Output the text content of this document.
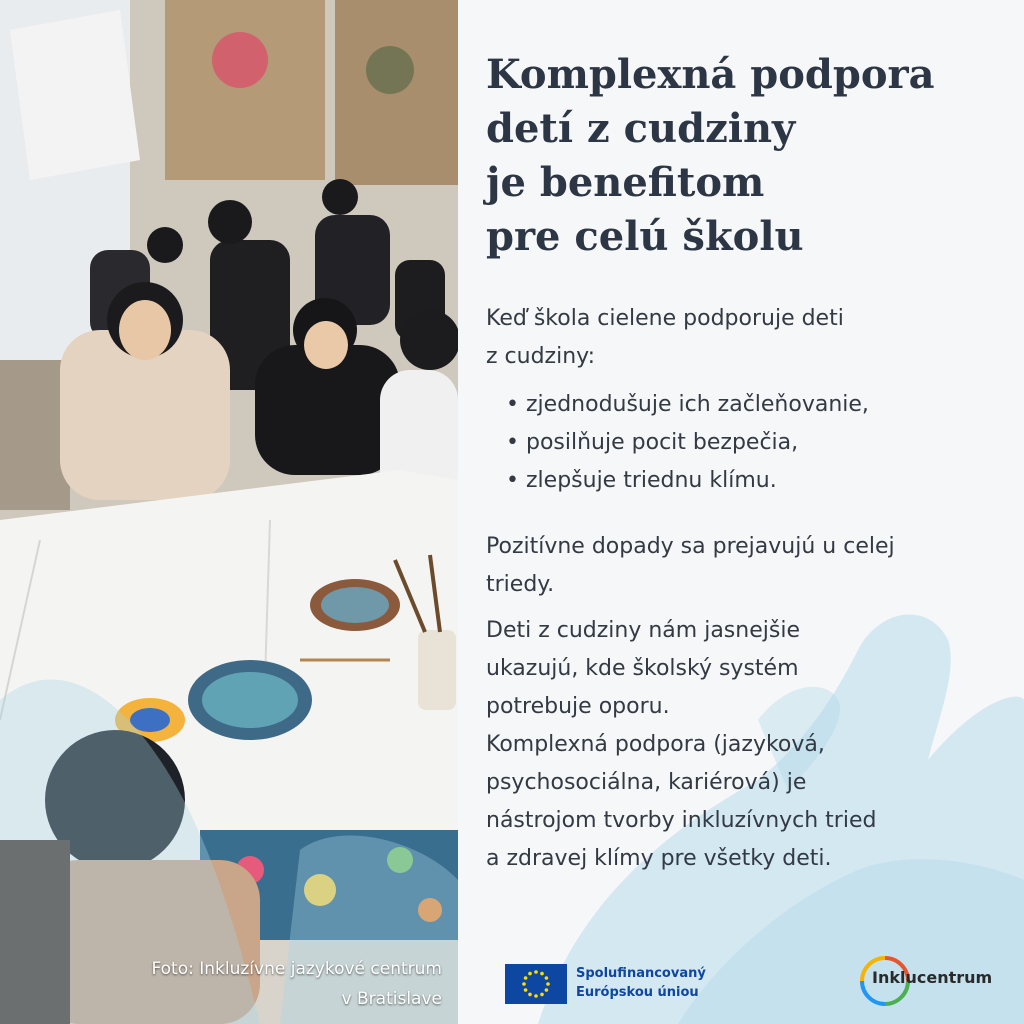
Foto: Inkluzívne jazykové centrum
v Bratislave
Komplexná podpora
detí z cudziny
je benefitom
pre celú školu

Keď škola cielene podporuje deti
z cudziny:

• zjednodušuje ich začleňovanie,
• posilňuje pocit bezpečia,
• zlepšuje triednu klímu.

Pozitívne dopady sa prejavujú u celej
triedy.

Deti z cudziny nám jasnejšie
ukazujú, kde školský systém
potrebuje oporu.
Komplexná podpora (jazyková,
psychosociálna, kariérová) je
nástrojom tvorby inkluzívnych tried
a zdravej klímy pre všetky deti.

Spolufinancovaný
Európskou úniou
Inklucentrum
